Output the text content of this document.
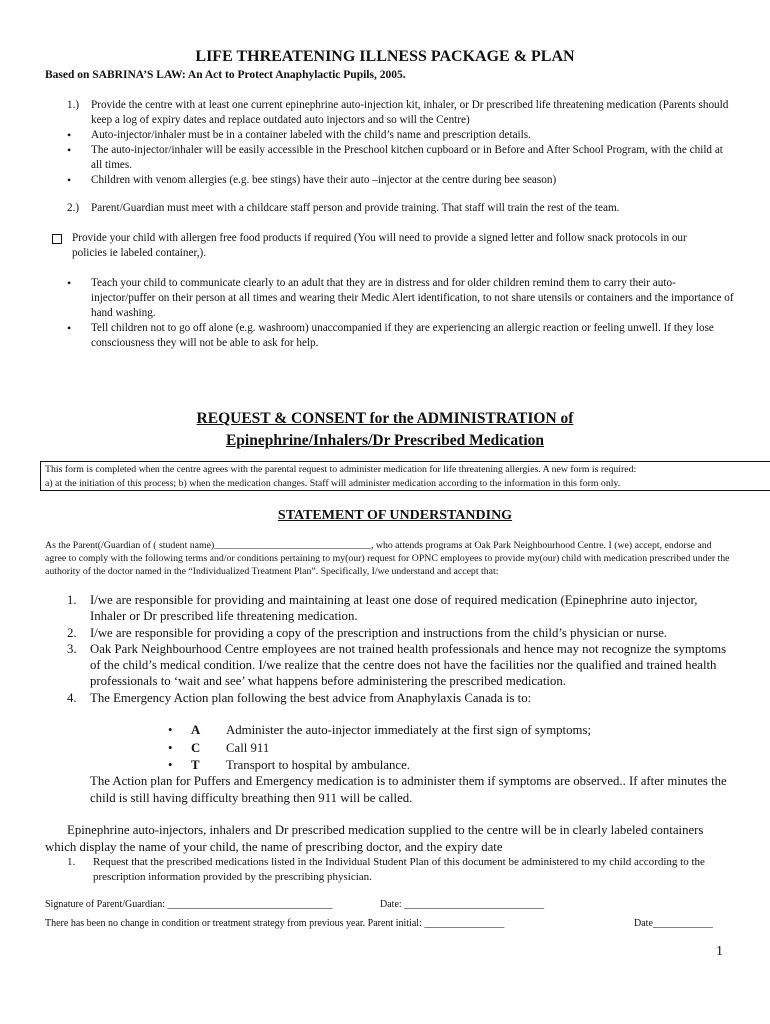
LIFE THREATENING ILLNESS PACKAGE & PLAN

Based on SABRINA’S LAW: An Act to Protect Anaphylactic Pupils, 2005.

1.) Provide the centre with at least one current epinephrine auto-injection kit, inhaler, or Dr prescribed life threatening medication (Parents should keep a log of expiry dates and replace outdated auto injectors and so will the Centre)
• Auto-injector/inhaler must be in a container labeled with the child’s name and prescription details.
• The auto-injector/inhaler will be easily accessible in the Preschool kitchen cupboard or in Before and After School Program, with the child at all times.
• Children with venom allergies (e.g. bee stings) have their auto –injector at the centre during bee season)
2.) Parent/Guardian must meet with a childcare staff person and provide training. That staff will train the rest of the team.
Provide your child with allergen free food products if required (You will need to provide a signed letter and follow snack protocols in our policies ie labeled container,).
• Teach your child to communicate clearly to an adult that they are in distress and for older children remind them to carry their auto-injector/puffer on their person at all times and wearing their Medic Alert identification, to not share utensils or containers and the importance of hand washing.
• Tell children not to go off alone (e.g. washroom) unaccompanied if they are experiencing an allergic reaction or feeling unwell. If they lose consciousness they will not be able to ask for help.
REQUEST & CONSENT for the ADMINISTRATION of
Epinephrine/Inhalers/Dr Prescribed Medication
This form is completed when the centre agrees with the parental request to administer medication for life threatening allergies. A new form is required:
a) at the initiation of this process; b) when the medication changes. Staff will administer medication according to the information in this form only.
STATEMENT OF UNDERSTANDING

As the Parent(/Guardian of ( student name)________________________________, who attends programs at Oak Park Neighbourhood Centre. I (we) accept, endorse and agree to comply with the following terms and/or conditions pertaining to my(our) request for OPNC employees to provide my(our) child with medication prescribed under the authority of the doctor named in the “Individualized Treatment Plan”. Specifically, I/we understand and accept that:

1. I/we are responsible for providing and maintaining at least one dose of required medication (Epinephrine auto injector, Inhaler or Dr prescribed life threatening medication.
2. I/we are responsible for providing a copy of the prescription and instructions from the child’s physician or nurse.
3. Oak Park Neighbourhood Centre employees are not trained health professionals and hence may not recognize the symptoms of the child’s medical condition. I/we realize that the centre does not have the facilities nor the qualified and trained health professionals to ‘wait and see’ what happens before administering the prescribed medication.
4. The Emergency Action plan following the best advice from Anaphylaxis Canada is to:
• A Administer the auto-injector immediately at the first sign of symptoms;
• C Call 911
• T Transport to hospital by ambulance.

The Action plan for Puffers and Emergency medication is to administer them if symptoms are observed.. If after minutes the child is still having difficulty breathing then 911 will be called.

Epinephrine auto-injectors, inhalers and Dr prescribed medication supplied to the centre will be in clearly labeled containers which display the name of your child, the name of prescribing doctor, and the expiry date

1. Request that the prescribed medications listed in the Individual Student Plan of this document be administered to my child according to the prescription information provided by the prescribing physician.

Signature of Parent/Guardian: _________________________________	Date: ____________________________

There has been no change in condition or treatment strategy from previous year. Parent initial: ________________	Date____________
1
